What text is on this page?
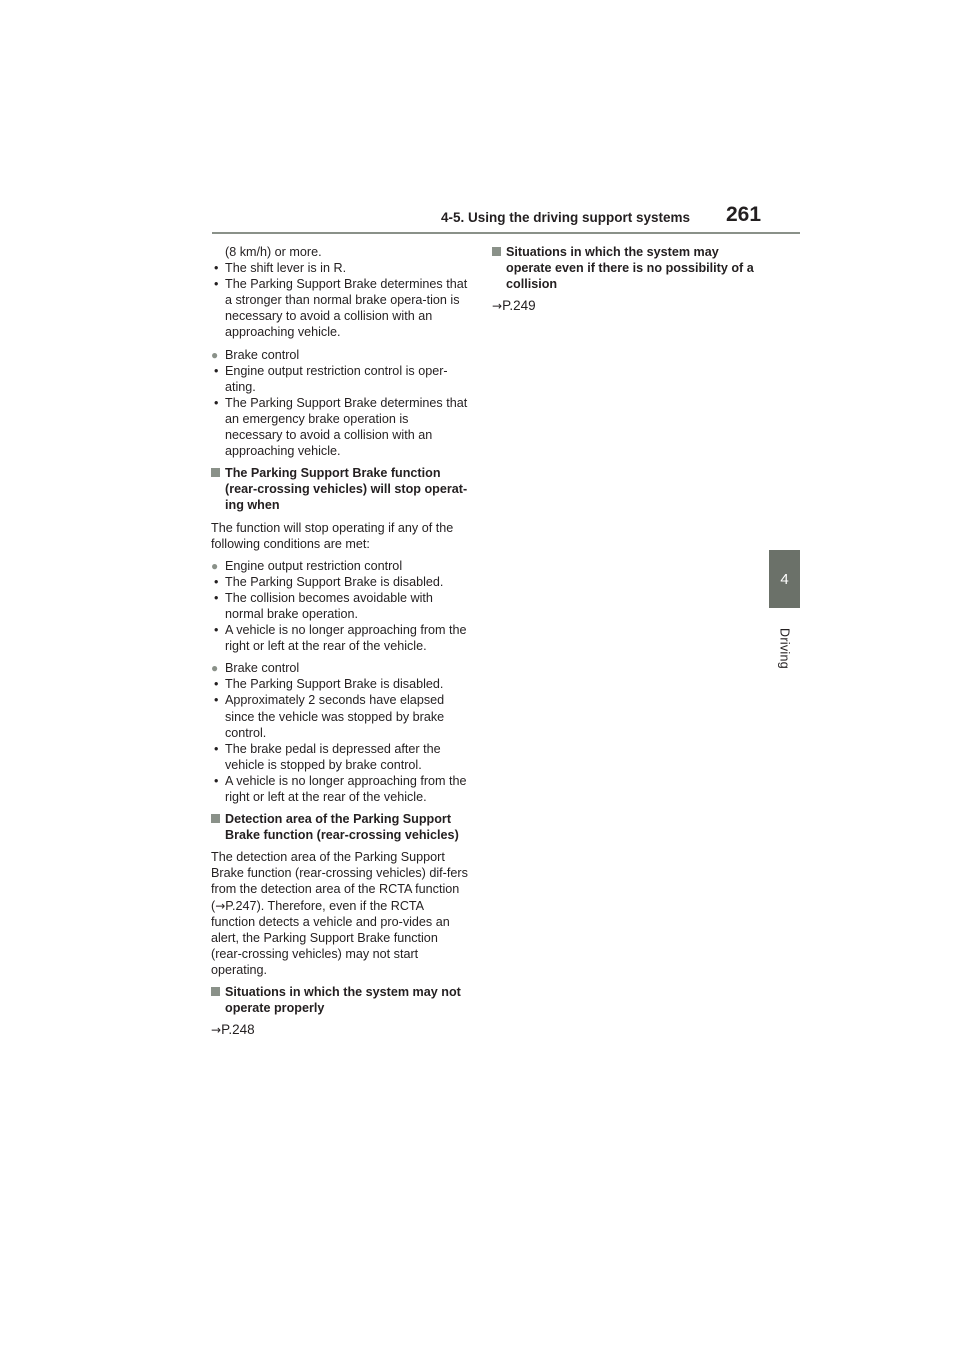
4-5. Using the driving support systems 261
4
Driving
(8 km/h) or more.
• The shift lever is in R.
• The Parking Support Brake determines that a stronger than normal brake opera-tion is necessary to avoid a collision with an approaching vehicle.
● Brake control
• Engine output restriction control is oper-ating.
• The Parking Support Brake determines that an emergency brake operation is necessary to avoid a collision with an approaching vehicle.
The Parking Support Brake function (rear-crossing vehicles) will stop operat-ing when
The function will stop operating if any of the following conditions are met:
● Engine output restriction control
• The Parking Support Brake is disabled.
• The collision becomes avoidable with normal brake operation.
• A vehicle is no longer approaching from the right or left at the rear of the vehicle.
● Brake control
• The Parking Support Brake is disabled.
• Approximately 2 seconds have elapsed since the vehicle was stopped by brake control.
• The brake pedal is depressed after the vehicle is stopped by brake control.
• A vehicle is no longer approaching from the right or left at the rear of the vehicle.
Detection area of the Parking Support Brake function (rear-crossing vehicles)
The detection area of the Parking Support Brake function (rear-crossing vehicles) dif-fers from the detection area of the RCTA function (→P.247). Therefore, even if the RCTA function detects a vehicle and pro-vides an alert, the Parking Support Brake function (rear-crossing vehicles) may not start operating.
Situations in which the system may not operate properly
→P.248
Situations in which the system may operate even if there is no possibility of a collision
→P.249
